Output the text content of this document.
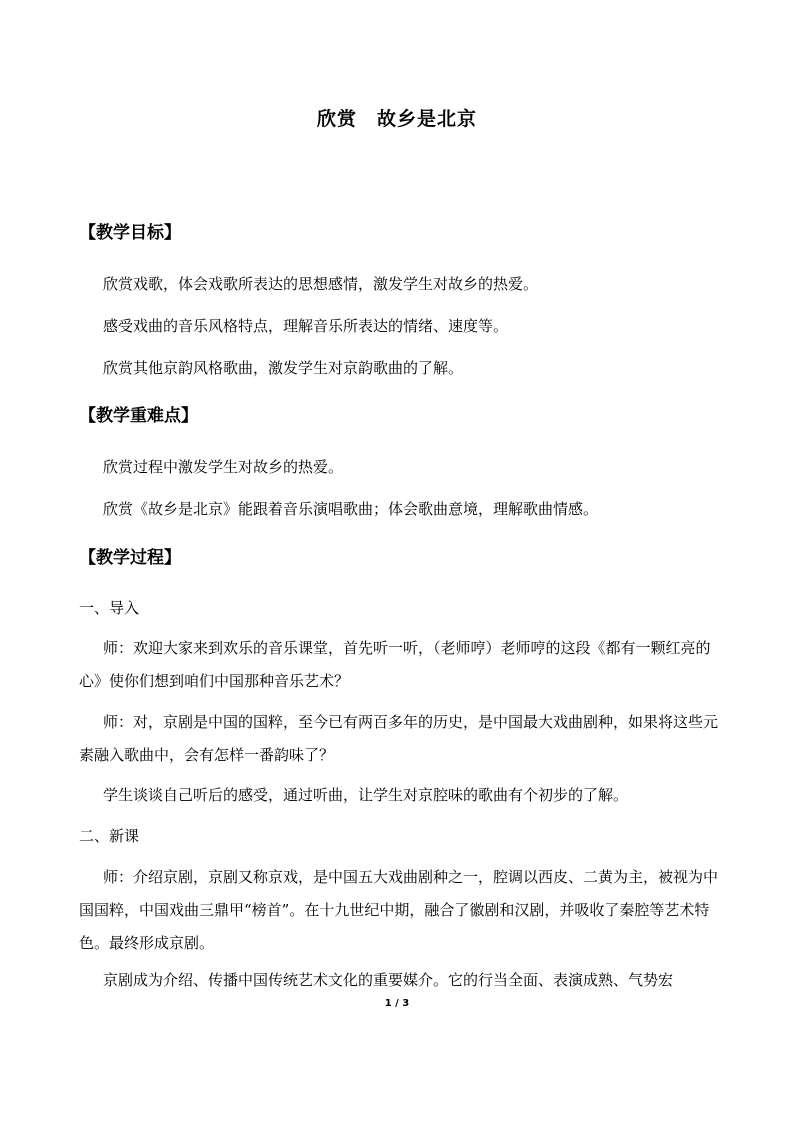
欣赏　故乡是北京
【教学目标】
欣赏戏歌，体会戏歌所表达的思想感情，激发学生对故乡的热爱。
感受戏曲的音乐风格特点，理解音乐所表达的情绪、速度等。
欣赏其他京韵风格歌曲，激发学生对京韵歌曲的了解。
【教学重难点】
欣赏过程中激发学生对故乡的热爱。
欣赏《故乡是北京》能跟着音乐演唱歌曲；体会歌曲意境，理解歌曲情感。
【教学过程】
一、导入
师：欢迎大家来到欢乐的音乐课堂，首先听一听，（老师哼）老师哼的这段《都有一颗红亮的心》使你们想到咱们中国那种音乐艺术？
师：对，京剧是中国的国粹，至今已有两百多年的历史，是中国最大戏曲剧种，如果将这些元素融入歌曲中，会有怎样一番韵味了？
学生谈谈自己听后的感受，通过听曲，让学生对京腔味的歌曲有个初步的了解。
二、新课
师：介绍京剧，京剧又称京戏，是中国五大戏曲剧种之一，腔调以西皮、二黄为主，被视为中国国粹，中国戏曲三鼎甲“榜首”。在十九世纪中期，融合了徽剧和汉剧，并吸收了秦腔等艺术特色。最终形成京剧。
京剧成为介绍、传播中国传统艺术文化的重要媒介。它的行当全面、表演成熟、气势宏
1 / 3
